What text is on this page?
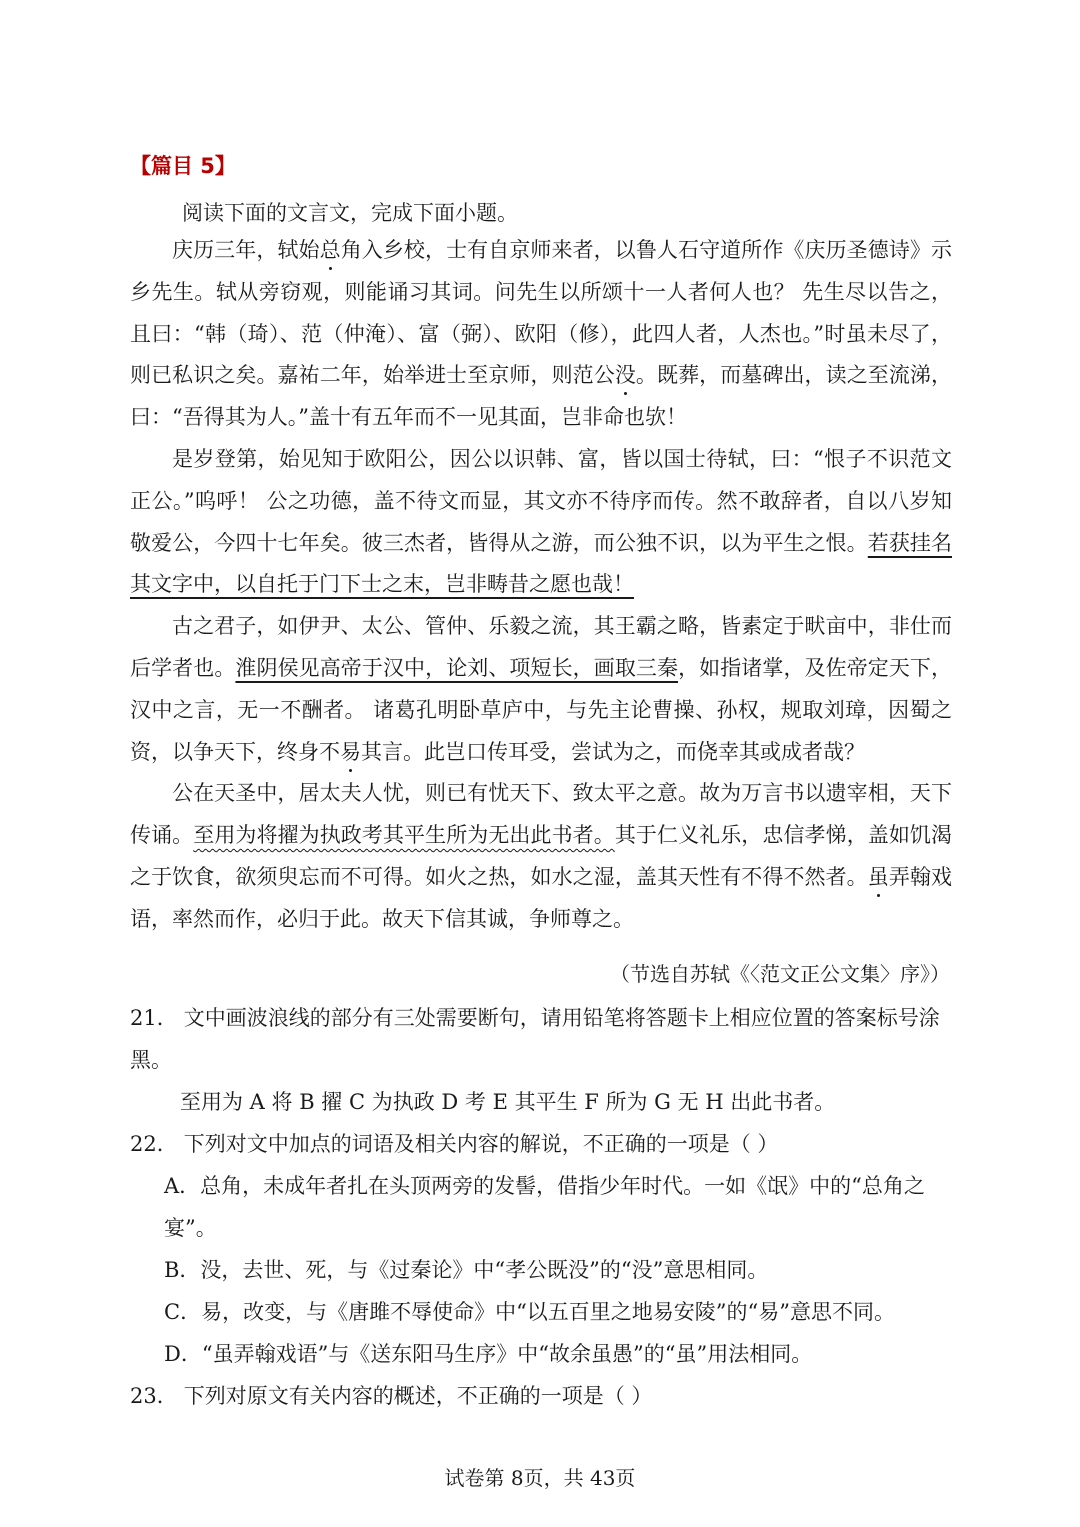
【篇目 5】
阅读下面的文言文，完成下面小题。

庆历三年，轼始总角入乡校，士有自京师来者，以鲁人石守道所作《庆历圣德诗》示乡先生。轼从旁窃观，则能诵习其词。问先生以所颂十一人者何人也？ 先生尽以告之，且曰：“韩（琦）、范（仲淹）、富（弼）、欧阳（修），此四人者，人杰也。”时虽未尽了，则已私识之矣。嘉祐二年，始举进士至京师，则范公没。既葬，而墓碑出，读之至流涕，曰：“吾得其为人。”盖十有五年而不一见其面，岂非命也欤！

是岁登第，始见知于欧阳公，因公以识韩、富，皆以国士待轼，曰：“恨子不识范文正公。”呜呼！ 公之功德，盖不待文而显，其文亦不待序而传。然不敢辞者，自以八岁知敬爱公，今四十七年矣。彼三杰者，皆得从之游，而公独不识，以为平生之恨。若获挂名其文字中，以自托于门下士之末，岂非畴昔之愿也哉！

古之君子，如伊尹、太公、管仲、乐毅之流，其王霸之略，皆素定于畎亩中，非仕而后学者也。淮阴侯见高帝于汉中，论刘、项短长，画取三秦，如指诸掌，及佐帝定天下，汉中之言，无一不酬者。 诸葛孔明卧草庐中，与先主论曹操、孙权，规取刘璋，因蜀之资，以争天下，终身不易其言。此岂口传耳受，尝试为之，而侥幸其或成者哉？

公在天圣中，居太夫人忧，则已有忧天下、致太平之意。故为万言书以遗宰相，天下传诵。至用为将擢为执政考其平生所为无出此书者。其于仁义礼乐，忠信孝悌，盖如饥渴之于饮食，欲须臾忘而不可得。如火之热，如水之湿，盖其天性有不得不然者。虽弄翰戏语，率然而作，必归于此。故天下信其诚，争师尊之。

（节选自苏轼《〈范文正公文集〉序》）

21． 文中画波浪线的部分有三处需要断句，请用铅笔将答题卡上相应位置的答案标号涂黑。

至用为 A 将 B 擢 C 为执政 D 考 E 其平生 F 所为 G 无 H 出此书者。

22． 下列对文中加点的词语及相关内容的解说，不正确的一项是（ ）

A．总角，未成年者扎在头顶两旁的发髻，借指少年时代。一如《氓》中的“总角之宴”。

B．没，去世、死，与《过秦论》中“孝公既没”的“没”意思相同。

C．易，改变，与《唐雎不辱使命》中“以五百里之地易安陵”的“易”意思不同。

D．“虽弄翰戏语”与《送东阳马生序》中“故余虽愚”的“虽”用法相同。

23． 下列对原文有关内容的概述，不正确的一项是（ ）

试卷第 8页，共 43页
